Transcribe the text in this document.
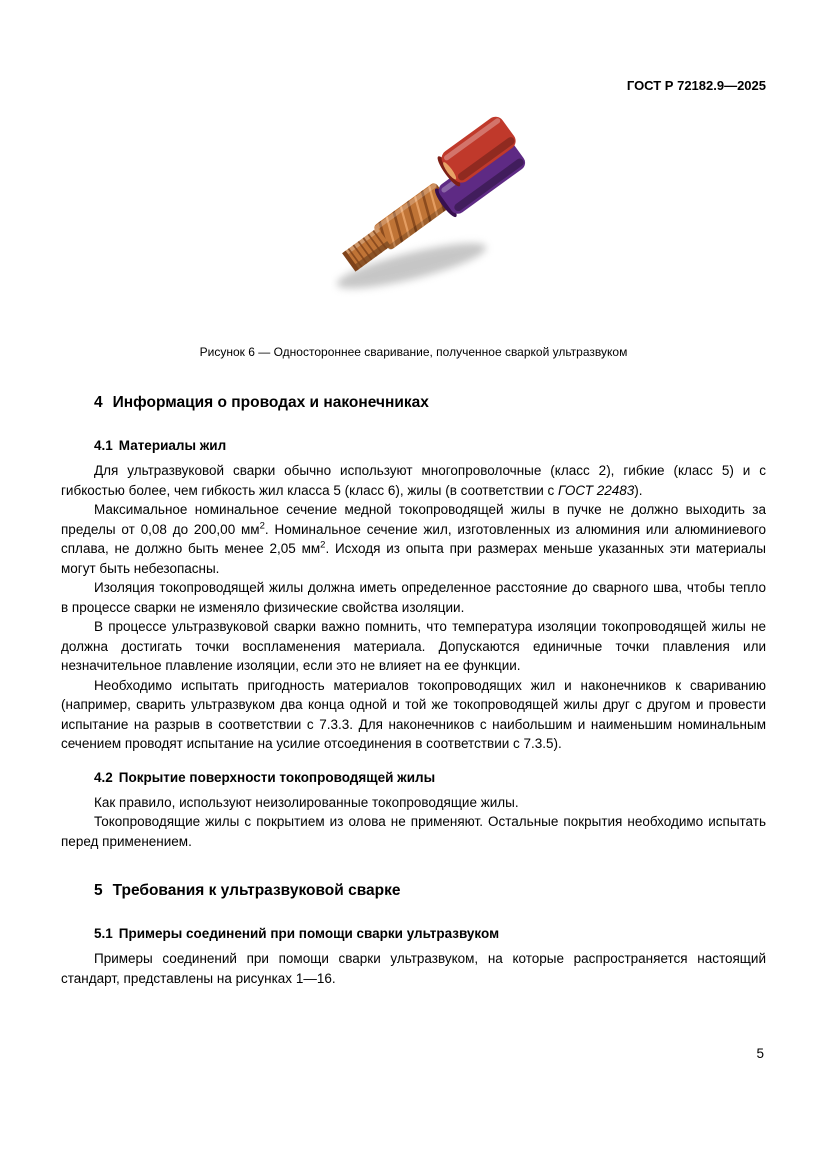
ГОСТ Р 72182.9—2025
Рисунок 6 — Одностороннее сваривание, полученное сваркой ультразвуком
4 Информация о проводах и наконечниках
4.1 Материалы жил

Для ультразвуковой сварки обычно используют многопроволочные (класс 2), гибкие (класс 5) и с гибкостью более, чем гибкость жил класса 5 (класс 6), жилы (в соответствии с ГОСТ 22483).

Максимальное номинальное сечение медной токопроводящей жилы в пучке не должно выходить за пределы от 0,08 до 200,00 $мм^2$. Номинальное сечение жил, изготовленных из алюминия или алюминиевого сплава, не должно быть менее 2,05 $мм^2$. Исходя из опыта при размерах меньше указанных эти материалы могут быть небезопасны.

Изоляция токопроводящей жилы должна иметь определенное расстояние до сварного шва, чтобы тепло в процессе сварки не изменяло физические свойства изоляции.

В процессе ультразвуковой сварки важно помнить, что температура изоляции токопроводящей жилы не должна достигать точки воспламенения материала. Допускаются единичные точки плавления или незначительное плавление изоляции, если это не влияет на ее функции.

Необходимо испытать пригодность материалов токопроводящих жил и наконечников к свариванию (например, сварить ультразвуком два конца одной и той же токопроводящей жилы друг с другом и провести испытание на разрыв в соответствии с 7.3.3. Для наконечников с наибольшим и наименьшим номинальным сечением проводят испытание на усилие отсоединения в соответствии с 7.3.5).

4.2 Покрытие поверхности токопроводящей жилы

Как правило, используют неизолированные токопроводящие жилы.

Токопроводящие жилы с покрытием из олова не применяют. Остальные покрытия необходимо испытать перед применением.

5 Требования к ультразвуковой сварке
5.1 Примеры соединений при помощи сварки ультразвуком

Примеры соединений при помощи сварки ультразвуком, на которые распространяется настоящий стандарт, представлены на рисунках 1—16.

5
